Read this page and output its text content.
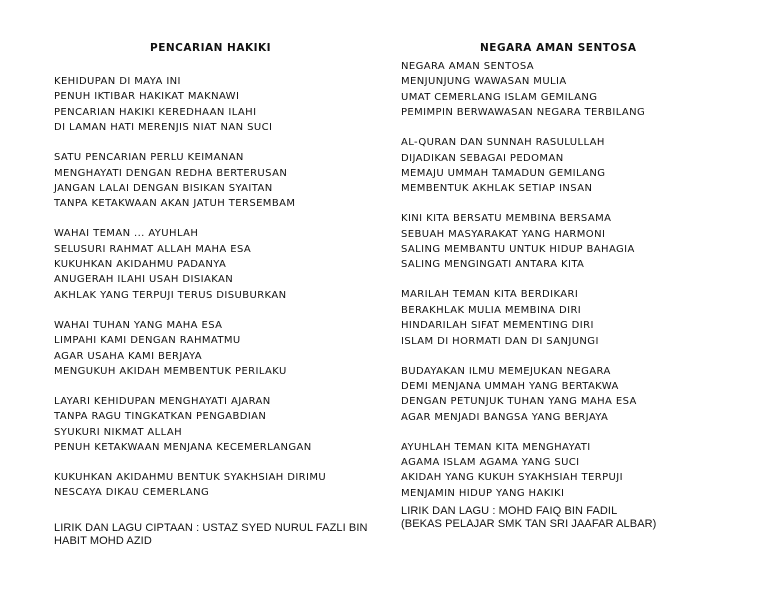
PENCARIAN HAKIKI
KEHIDUPAN DI MAYA INI
PENUH IKTIBAR HAKIKAT MAKNAWI
PENCARIAN HAKIKI KEREDHAAN ILAHI
DI LAMAN HATI MERENJIS NIAT NAN SUCI
SATU PENCARIAN PERLU KEIMANAN
MENGHAYATI DENGAN REDHA BERTERUSAN
JANGAN LALAI DENGAN BISIKAN SYAITAN
TANPA KETAKWAAN AKAN JATUH TERSEMBAM
WAHAI TEMAN ... AYUHLAH
SELUSURI RAHMAT ALLAH MAHA ESA
KUKUHKAN AKIDAHMU PADANYA
ANUGERAH ILAHI USAH DISIAKAN
AKHLAK YANG TERPUJI TERUS DISUBURKAN
WAHAI TUHAN YANG MAHA ESA
LIMPAHI KAMI DENGAN RAHMATMU
AGAR USAHA KAMI BERJAYA
MENGUKUH AKIDAH MEMBENTUK PERILAKU
LAYARI KEHIDUPAN MENGHAYATI AJARAN
TANPA RAGU TINGKATKAN PENGABDIAN
SYUKURI NIKMAT ALLAH
PENUH KETAKWAAN MENJANA KECEMERLANGAN
KUKUHKAN AKIDAHMU BENTUK SYAKHSIAH DIRIMU
NESCAYA DIKAU CEMERLANG
LIRIK DAN LAGU CIPTAAN : USTAZ SYED NURUL FAZLI BIN
HABIT MOHD AZID
NEGARA AMAN SENTOSA
NEGARA AMAN SENTOSA
MENJUNJUNG WAWASAN MULIA
UMAT CEMERLANG ISLAM GEMILANG
PEMIMPIN BERWAWASAN NEGARA TERBILANG
AL-QURAN DAN SUNNAH RASULULLAH
DIJADIKAN SEBAGAI PEDOMAN
MEMAJU UMMAH TAMADUN GEMILANG
MEMBENTUK AKHLAK SETIAP INSAN
KINI KITA BERSATU MEMBINA BERSAMA
SEBUAH MASYARAKAT YANG HARMONI
SALING MEMBANTU UNTUK HIDUP BAHAGIA
SALING MENGINGATI ANTARA KITA
MARILAH TEMAN KITA BERDIKARI
BERAKHLAK MULIA MEMBINA DIRI
HINDARILAH SIFAT MEMENTING DIRI
ISLAM DI HORMATI DAN DI SANJUNGI
BUDAYAKAN ILMU MEMEJUKAN NEGARA
DEMI MENJANA UMMAH YANG BERTAKWA
DENGAN PETUNJUK TUHAN YANG MAHA ESA
AGAR MENJADI BANGSA YANG BERJAYA
AYUHLAH TEMAN KITA MENGHAYATI
AGAMA ISLAM AGAMA YANG SUCI
AKIDAH YANG KUKUH SYAKHSIAH TERPUJI
MENJAMIN HIDUP YANG HAKIKI
LIRIK DAN LAGU : MOHD FAIQ BIN FADIL
(BEKAS PELAJAR SMK TAN SRI JAAFAR ALBAR)
